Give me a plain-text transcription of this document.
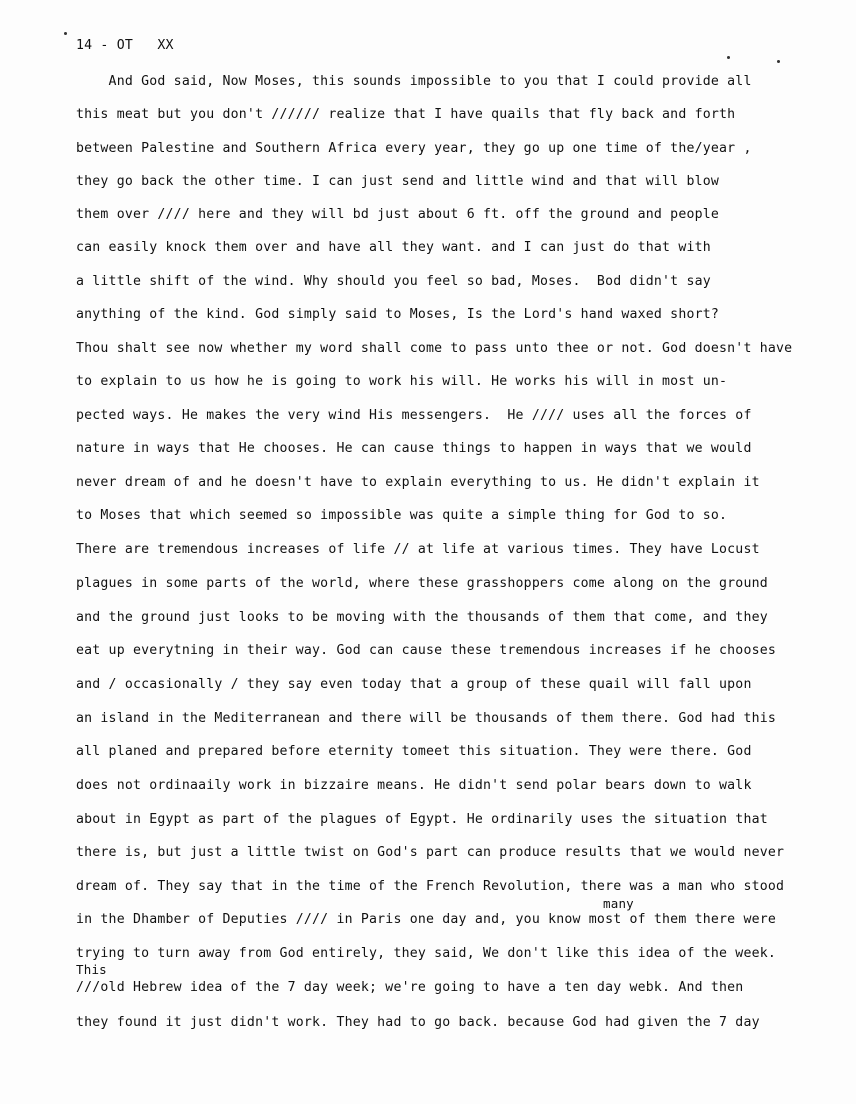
14 - OT   XX
And God said, Now Moses, this sounds impossible to you that I could provide all
this meat but you don't ////// realize that I have quails that fly back and forth
between Palestine and Southern Africa every year, they go up one time of the/year ,
they go back the other time. I can just send and little wind and that will blow
them over //// here and they will bd just about 6 ft. off the ground and people
can easily knock them over and have all they want. and I can just do that with
a little shift of the wind. Why should you feel so bad, Moses.  Bod didn't say
anything of the kind. God simply said to Moses, Is the Lord's hand waxed short?
Thou shalt see now whether my word shall come to pass unto thee or not. God doesn't have
to explain to us how he is going to work his will. He works his will in most un-
pected ways. He makes the very wind His messengers.  He //// uses all the forces of
nature in ways that He chooses. He can cause things to happen in ways that we would
never dream of and he doesn't have to explain everything to us. He didn't explain it
to Moses that which seemed so impossible was quite a simple thing for God to so.
There are tremendous increases of life // at life at various times. They have Locust
plagues in some parts of the world, where these grasshoppers come along on the ground
and the ground just looks to be moving with the thousands of them that come, and they
eat up everytning in their way. God can cause these tremendous increases if he chooses
and / occasionally / they say even today that a group of these quail will fall upon
an island in the Mediterranean and there will be thousands of them there. God had this
all planed and prepared before eternity tomeet this situation. They were there. God
does not ordinaaily work in bizzaire means. He didn't send polar bears down to walk
about in Egypt as part of the plagues of Egypt. He ordinarily uses the situation that
there is, but just a little twist on God's part can produce results that we would never
dream of. They say that in the time of the French Revolution, there was a man who stood
many
in the Dhamber of Deputies //// in Paris one day and, you know most of them there were
trying to turn away from God entirely, they said, We don't like this idea of the week.
This
///old Hebrew idea of the 7 day week; we're going to have a ten day webk. And then
they found it just didn't work. They had to go back. because God had given the 7 day
